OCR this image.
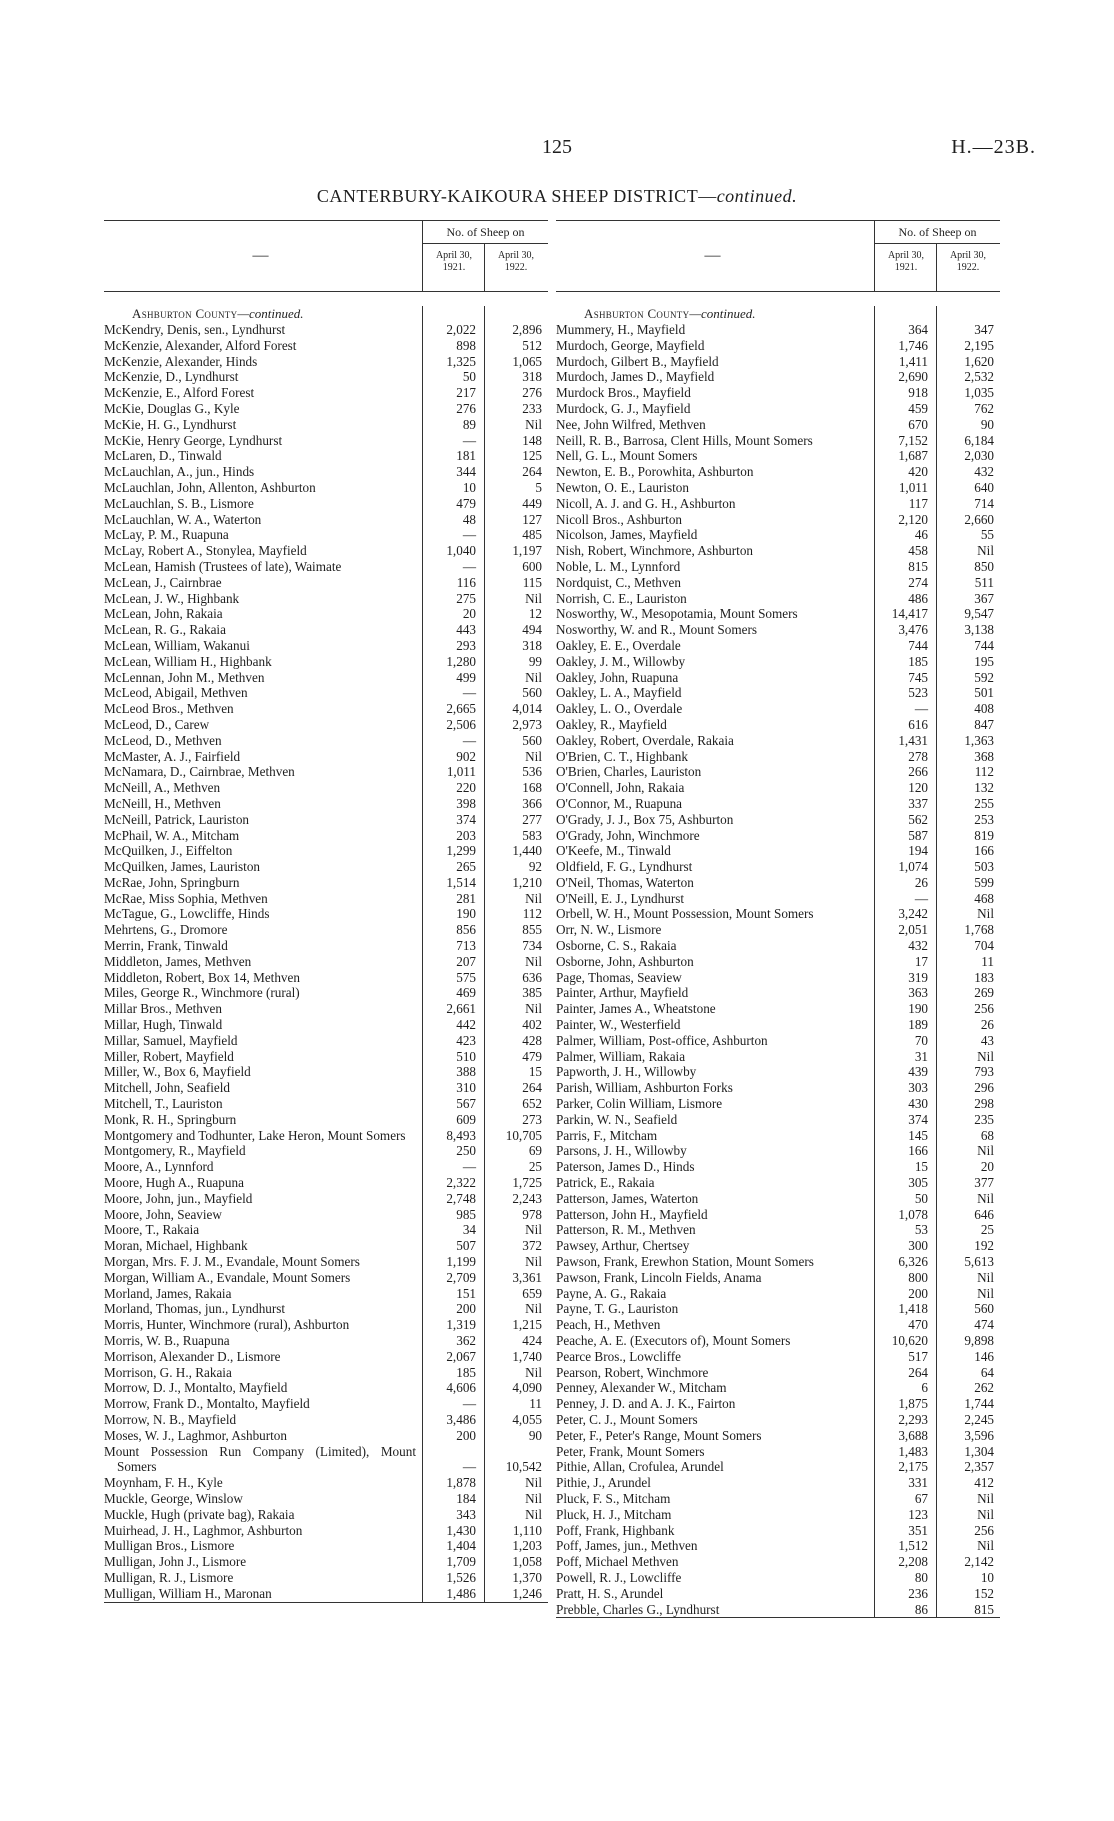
125	H.—23B.
CANTERBURY-KAIKOURA SHEEP DISTRICT—continued.
—
No. of Sheep on
April 30,
1921.
April 30,
1922.
Ashburton County—continued.
McKendry, Denis, sen., Lyndhurst	2,022	2,896
McKenzie, Alexander, Alford Forest	898	512
McKenzie, Alexander, Hinds	1,325	1,065
McKenzie, D., Lyndhurst	50	318
McKenzie, E., Alford Forest	217	276
McKie, Douglas G., Kyle	276	233
McKie, H. G., Lyndhurst	89	Nil
McKie, Henry George, Lyndhurst	—	148
McLaren, D., Tinwald	181	125
McLauchlan, A., jun., Hinds	344	264
McLauchlan, John, Allenton, Ashburton	10	5
McLauchlan, S. B., Lismore	479	449
McLauchlan, W. A., Waterton	48	127
McLay, P. M., Ruapuna	—	485
McLay, Robert A., Stonylea, Mayfield	1,040	1,197
McLean, Hamish (Trustees of late), Waimate	—	600
McLean, J., Cairnbrae	116	115
McLean, J. W., Highbank	275	Nil
McLean, John, Rakaia	20	12
McLean, R. G., Rakaia	443	494
McLean, William, Wakanui	293	318
McLean, William H., Highbank	1,280	99
McLennan, John M., Methven	499	Nil
McLeod, Abigail, Methven	—	560
McLeod Bros., Methven	2,665	4,014
McLeod, D., Carew	2,506	2,973
McLeod, D., Methven	—	560
McMaster, A. J., Fairfield	902	Nil
McNamara, D., Cairnbrae, Methven	1,011	536
McNeill, A., Methven	220	168
McNeill, H., Methven	398	366
McNeill, Patrick, Lauriston	374	277
McPhail, W. A., Mitcham	203	583
McQuilken, J., Eiffelton	1,299	1,440
McQuilken, James, Lauriston	265	92
McRae, John, Springburn	1,514	1,210
McRae, Miss Sophia, Methven	281	Nil
McTague, G., Lowcliffe, Hinds	190	112
Mehrtens, G., Dromore	856	855
Merrin, Frank, Tinwald	713	734
Middleton, James, Methven	207	Nil
Middleton, Robert, Box 14, Methven	575	636
Miles, George R., Winchmore (rural)	469	385
Millar Bros., Methven	2,661	Nil
Millar, Hugh, Tinwald	442	402
Millar, Samuel, Mayfield	423	428
Miller, Robert, Mayfield	510	479
Miller, W., Box 6, Mayfield	388	15
Mitchell, John, Seafield	310	264
Mitchell, T., Lauriston	567	652
Monk, R. H., Springburn	609	273
Montgomery and Todhunter, Lake Heron, Mount Somers	8,493	10,705
Montgomery, R., Mayfield	250	69
Moore, A., Lynnford	—	25
Moore, Hugh A., Ruapuna	2,322	1,725
Moore, John, jun., Mayfield	2,748	2,243
Moore, John, Seaview	985	978
Moore, T., Rakaia	34	Nil
Moran, Michael, Highbank	507	372
Morgan, Mrs. F. J. M., Evandale, Mount Somers	1,199	Nil
Morgan, William A., Evandale, Mount Somers	2,709	3,361
Morland, James, Rakaia	151	659
Morland, Thomas, jun., Lyndhurst	200	Nil
Morris, Hunter, Winchmore (rural), Ashburton	1,319	1,215
Morris, W. B., Ruapuna	362	424
Morrison, Alexander D., Lismore	2,067	1,740
Morrison, G. H., Rakaia	185	Nil
Morrow, D. J., Montalto, Mayfield	4,606	4,090
Morrow, Frank D., Montalto, Mayfield	—	11
Morrow, N. B., Mayfield	3,486	4,055
Moses, W. J., Laghmor, Ashburton	200	90
Mount Possession Run Company (Limited), Mount Somers	—	10,542
Moynham, F. H., Kyle	1,878	Nil
Muckle, George, Winslow	184	Nil
Muckle, Hugh (private bag), Rakaia	343	Nil
Muirhead, J. H., Laghmor, Ashburton	1,430	1,110
Mulligan Bros., Lismore	1,404	1,203
Mulligan, John J., Lismore	1,709	1,058
Mulligan, R. J., Lismore	1,526	1,370
Mulligan, William H., Maronan	1,486	1,246
—
No. of Sheep on
April 30,
1921.
April 30,
1922.
Ashburton County—continued.
Mummery, H., Mayfield	364	347
Murdoch, George, Mayfield	1,746	2,195
Murdoch, Gilbert B., Mayfield	1,411	1,620
Murdoch, James D., Mayfield	2,690	2,532
Murdock Bros., Mayfield	918	1,035
Murdock, G. J., Mayfield	459	762
Nee, John Wilfred, Methven	670	90
Neill, R. B., Barrosa, Clent Hills, Mount Somers	7,152	6,184
Nell, G. L., Mount Somers	1,687	2,030
Newton, E. B., Porowhita, Ashburton	420	432
Newton, O. E., Lauriston	1,011	640
Nicoll, A. J. and G. H., Ashburton	117	714
Nicoll Bros., Ashburton	2,120	2,660
Nicolson, James, Mayfield	46	55
Nish, Robert, Winchmore, Ashburton	458	Nil
Noble, L. M., Lynnford	815	850
Nordquist, C., Methven	274	511
Norrish, C. E., Lauriston	486	367
Nosworthy, W., Mesopotamia, Mount Somers	14,417	9,547
Nosworthy, W. and R., Mount Somers	3,476	3,138
Oakley, E. E., Overdale	744	744
Oakley, J. M., Willowby	185	195
Oakley, John, Ruapuna	745	592
Oakley, L. A., Mayfield	523	501
Oakley, L. O., Overdale	—	408
Oakley, R., Mayfield	616	847
Oakley, Robert, Overdale, Rakaia	1,431	1,363
O'Brien, C. T., Highbank	278	368
O'Brien, Charles, Lauriston	266	112
O'Connell, John, Rakaia	120	132
O'Connor, M., Ruapuna	337	255
O'Grady, J. J., Box 75, Ashburton	562	253
O'Grady, John, Winchmore	587	819
O'Keefe, M., Tinwald	194	166
Oldfield, F. G., Lyndhurst	1,074	503
O'Neil, Thomas, Waterton	26	599
O'Neill, E. J., Lyndhurst	—	468
Orbell, W. H., Mount Possession, Mount Somers	3,242	Nil
Orr, N. W., Lismore	2,051	1,768
Osborne, C. S., Rakaia	432	704
Osborne, John, Ashburton	17	11
Page, Thomas, Seaview	319	183
Painter, Arthur, Mayfield	363	269
Painter, James A., Wheatstone	190	256
Painter, W., Westerfield	189	26
Palmer, William, Post-office, Ashburton	70	43
Palmer, William, Rakaia	31	Nil
Papworth, J. H., Willowby	439	793
Parish, William, Ashburton Forks	303	296
Parker, Colin William, Lismore	430	298
Parkin, W. N., Seafield	374	235
Parris, F., Mitcham	145	68
Parsons, J. H., Willowby	166	Nil
Paterson, James D., Hinds	15	20
Patrick, E., Rakaia	305	377
Patterson, James, Waterton	50	Nil
Patterson, John H., Mayfield	1,078	646
Patterson, R. M., Methven	53	25
Pawsey, Arthur, Chertsey	300	192
Pawson, Frank, Erewhon Station, Mount Somers	6,326	5,613
Pawson, Frank, Lincoln Fields, Anama	800	Nil
Payne, A. G., Rakaia	200	Nil
Payne, T. G., Lauriston	1,418	560
Peach, H., Methven	470	474
Peache, A. E. (Executors of), Mount Somers	10,620	9,898
Pearce Bros., Lowcliffe	517	146
Pearson, Robert, Winchmore	264	64
Penney, Alexander W., Mitcham	6	262
Penney, J. D. and A. J. K., Fairton	1,875	1,744
Peter, C. J., Mount Somers	2,293	2,245
Peter, F., Peter's Range, Mount Somers	3,688	3,596
Peter, Frank, Mount Somers	1,483	1,304
Pithie, Allan, Crofulea, Arundel	2,175	2,357
Pithie, J., Arundel	331	412
Pluck, F. S., Mitcham	67	Nil
Pluck, H. J., Mitcham	123	Nil
Poff, Frank, Highbank	351	256
Poff, James, jun., Methven	1,512	Nil
Poff, Michael Methven	2,208	2,142
Powell, R. J., Lowcliffe	80	10
Pratt, H. S., Arundel	236	152
Prebble, Charles G., Lyndhurst	86	815
